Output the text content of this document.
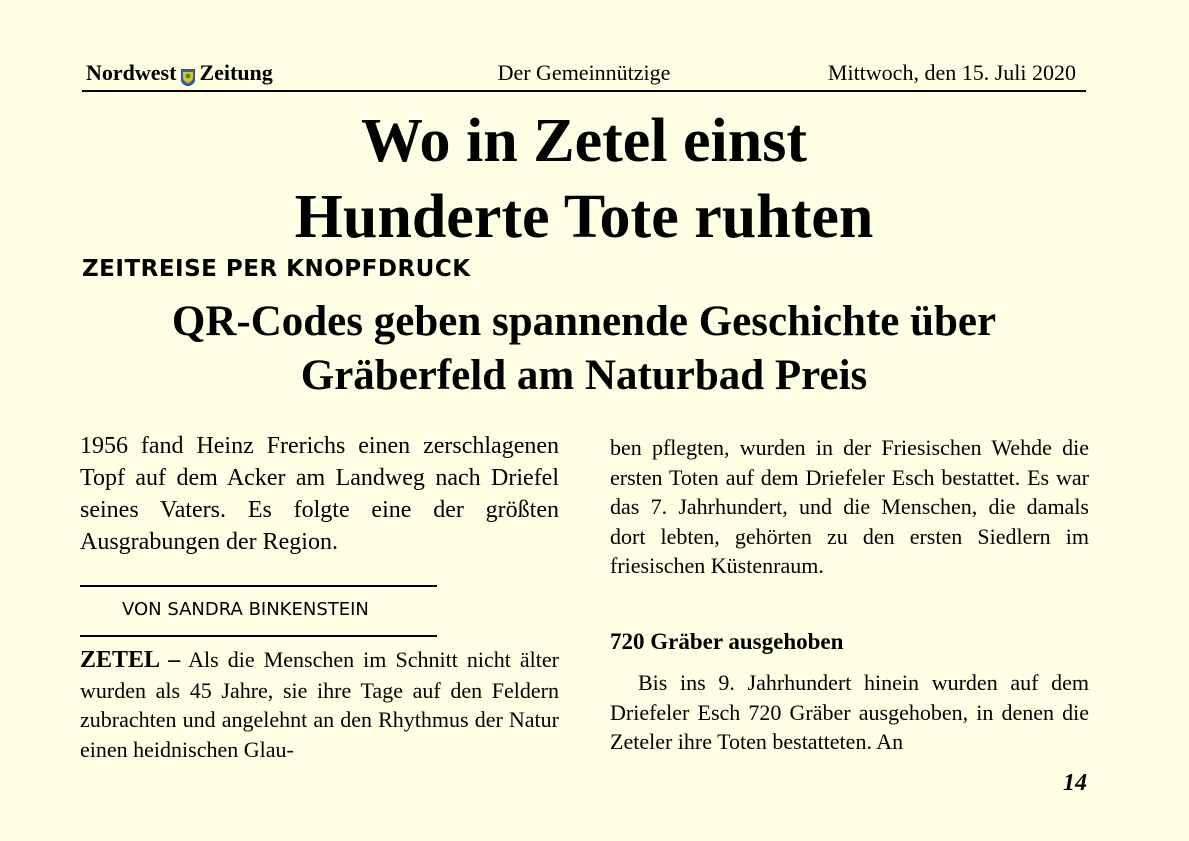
Nordwest Zeitung	Der Gemeinnützige	Mittwoch, den 15. Juli 2020
Wo in Zetel einst
Hunderte Tote ruhten
ZEITREISE PER KNOPFDRUCK
QR-Codes geben spannende Geschichte über
Gräberfeld am Naturbad Preis

1956 fand Heinz Frerichs einen zerschlagenen Topf auf dem Acker am Landweg nach Driefel seines Vaters. Es folgte eine der größten Ausgrabungen der Region.

VON SANDRA BINKENSTEIN

ZETEL – Als die Menschen im Schnitt nicht älter wurden als 45 Jahre, sie ihre Tage auf den Feldern zubrachten und angelehnt an den Rhythmus der Natur einen heidnischen Glau-

ben pflegten, wurden in der Friesischen Wehde die ersten Toten auf dem Driefeler Esch bestattet. Es war das 7. Jahrhundert, und die Menschen, die damals dort lebten, gehörten zu den ersten Siedlern im friesischen Küstenraum.

720 Gräber ausgehoben

Bis ins 9. Jahrhundert hinein wurden auf dem Driefeler Esch 720 Gräber ausgehoben, in denen die Zeteler ihre Toten bestatteten. An

14
